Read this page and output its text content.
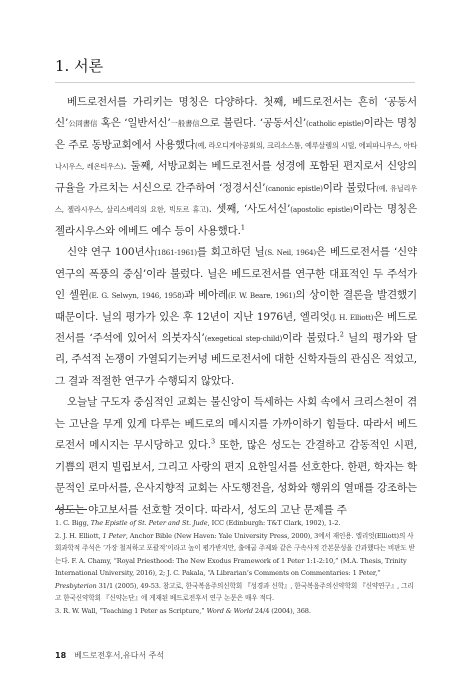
1. 서론

베드로전서를 가리키는 명칭은 다양하다. 첫째, 베드로전서는 흔히 ‘공동서신’公同書信 혹은 ‘일반서신’一般書信으로 불린다. ‘공동서신’(catholic epistle)이라는 명칭은 주로 동방교회에서 사용했다(예, 라오디게아공회의, 크리소스톰, 예루살렘의 시릴, 에피파니우스, 아타나시우스, 레온티우스). 둘째, 서방교회는 베드로전서를 성경에 포함된 편지로서 신앙의 규율을 가르치는 서신으로 간주하여 ‘정경서신’(canonic epistle)이라 불렀다(예, 유닐리우스, 젤라시우스, 살리스베리의 요한, 빅토르 휴고). 셋째, ‘사도서신’(apostolic epistle)이라는 명칭은 젤라시우스와 에베드 예수 등이 사용했다.$^1$

신약 연구 100년사(1861-1961)를 회고하던 닐(S. Neil, 1964)은 베드로전서를 ‘신약연구의 폭풍의 중심’이라 불렀다. 닐은 베드로전서를 연구한 대표적인 두 주석가인 셀윈(E. G. Selwyn, 1946, 1958)과 베아레(F. W. Beare, 1961)의 상이한 결론을 발견했기 때문이다. 닐의 평가가 있은 후 12년이 지난 1976년, 엘리엇(J. H. Elliott)은 베드로전서를 ‘주석에 있어서 의붓자식’(exegetical step-child)이라 불렀다.$^2$ 닐의 평가와 달리, 주석적 논쟁이 가열되기는커녕 베드로전서에 대한 신학자들의 관심은 적었고, 그 결과 적절한 연구가 수행되지 않았다.

오늘날 구도자 중심적인 교회는 불신앙이 득세하는 사회 속에서 크리스천이 겪는 고난을 무게 있게 다루는 베드로의 메시지를 가까이하기 힘들다. 따라서 베드로전서 메시지는 무시당하고 있다.$^3$ 또한, 많은 성도는 간결하고 감동적인 시편, 기쁨의 편지 빌립보서, 그리고 사랑의 편지 요한일서를 선호한다. 한편, 학자는 학문적인 로마서를, 은사지향적 교회는 사도행전을, 성화와 행위의 열매를 강조하는 성도는 야고보서를 선호할 것이다. 따라서, 성도의 고난 문제를 주

1. C. Bigg, The Epistle of St. Peter and St. Jude, ICC (Edinburgh: T&T Clark, 1902), 1-2.
2. J. H. Elliott, 1 Peter, Anchor Bible (New Haven: Yale University Press, 2000), 3에서 재인용. 엘리엇(Elliott)의 사회과학적 주석은 ‘가장 철저하고 포괄적’이라고 높이 평가받지만, 출애굽 주제와 같은 구속사적 간본문성을 간과했다는 비판도 받는다. F. A. Chamy, “Royal Priesthood: The New Exodus Framework of 1 Peter 1:1-2:10,” (M.A. Thesis, Trinity International University, 2016), 2; J. C. Pakala, “A Librarian’s Comments on Commentaries: 1 Peter,” Presbyterion 31/1 (2005), 49-53. 참고로, 한국복음주의신학회 『성경과 신학』, 한국복음주의신약학회 『신약연구』, 그리고 한국신약학회 『신약논단』에 게재된 베드로전후서 연구 논문은 매우 적다.
3. R. W. Wall, “Teaching 1 Peter as Scripture,” Word & World 24/4 (2004), 368.
18 베드로전후서,유다서 주석
